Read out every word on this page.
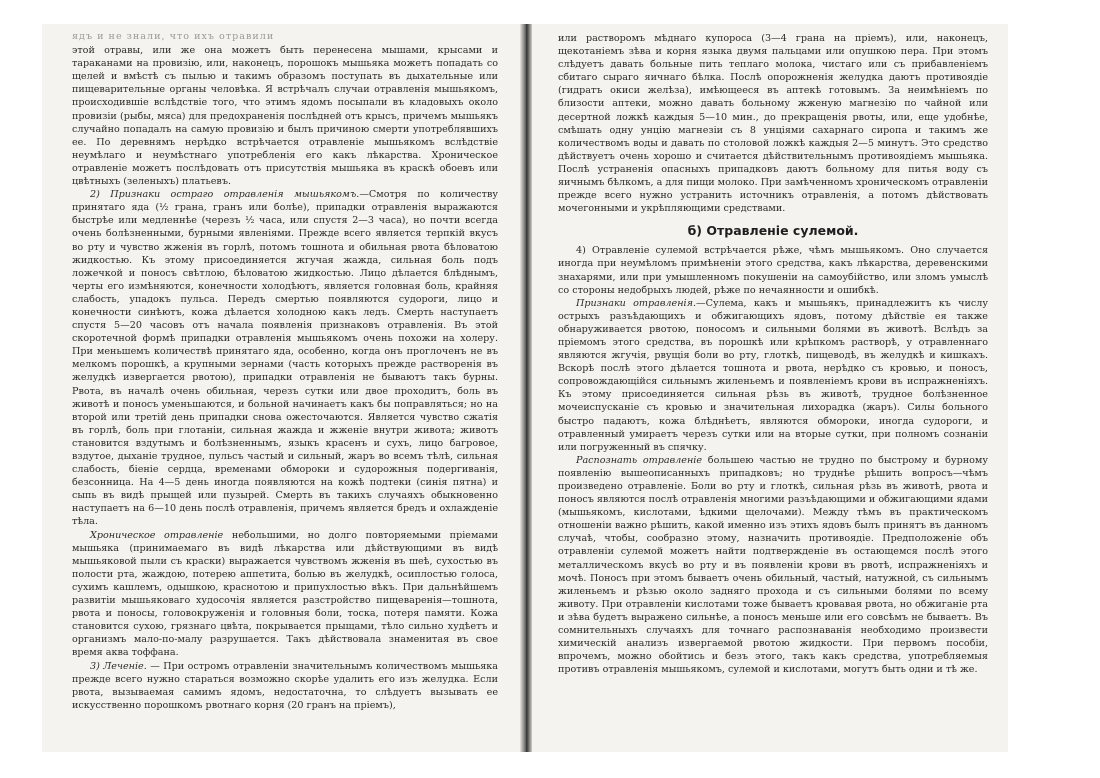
ядъ и не знали, что ихъ отравили

этой отравы, или же она можетъ быть перенесена мышами, крысами и тараканами на провизію, или, наконецъ, порошокъ мышьяка можетъ попадать со щелей и вмѣстѣ съ пылью и такимъ образомъ поступать въ дыхательные или пищеварительные органы человѣка. Я встрѣчалъ случаи отравленія мышьякомъ, происходившіе вслѣдствіе того, что этимъ ядомъ посыпали въ кладовыхъ около провизіи (рыбы, мяса) для предохраненія послѣдней отъ крысъ, причемъ мышьякъ случайно попадалъ на самую провизію и былъ причиною смерти употреблявшихъ ее. По деревнямъ нерѣдко встрѣчается отравленіе мышьякомъ вслѣдствіе неумѣлаго и неумѣстнаго употребленія его какъ лѣкарства. Хроническое отравленіе можетъ послѣдовать отъ присутствія мышьяка въ краскѣ обоевъ или цвѣтныхъ (зеленыхъ) платьевъ.

2) Признаки остраго отравленія мышьякомъ.—Смотря по количеству принятаго яда (½ грана, гранъ или болѣе), припадки отравленія выражаются быстрѣе или медленнѣе (черезъ ½ часа, или спустя 2—3 часа), но почти всегда очень болѣзненными, бурными явленіями. Прежде всего является терпкій вкусъ во рту и чувство жженія въ горлѣ, потомъ тошнота и обильная рвота бѣловатою жидкостью. Къ этому присоединяется жгучая жажда, сильная боль подъ ложечкой и поносъ свѣтлою, бѣловатою жидкостью. Лицо дѣлается блѣднымъ, черты его измѣняются, конечности холодѣютъ, является головная боль, крайняя слабость, упадокъ пульса. Передъ смертью появляются судороги, лицо и конечности синѣютъ, кожа дѣлается холодною какъ ледъ. Смерть наступаетъ спустя 5—20 часовъ отъ начала появленія признаковъ отравленія. Въ этой скоротечной формѣ припадки отравленія мышьякомъ очень похожи на холеру. При меньшемъ количествѣ принятаго яда, особенно, когда онъ проглоченъ не въ мелкомъ порошкѣ, а крупными зернами (часть которыхъ прежде растворенія въ желудкѣ извергается рвотою), припадки отравленія не бываютъ такъ бурны. Рвота, въ началѣ очень обильная, черезъ сутки или двое проходитъ, боль въ животѣ и поносъ уменьшаются, и больной начинаетъ какъ бы поправляться; но на второй или третій день припадки снова ожесточаются. Является чувство сжатія въ горлѣ, боль при глотаніи, сильная жажда и жженіе внутри живота; животъ становится вздутымъ и болѣзненнымъ, языкъ красенъ и сухъ, лицо багровое, вздутое, дыханіе трудное, пульсъ частый и сильный, жаръ во всемъ тѣлѣ, сильная слабость, біеніе сердца, временами обмороки и судорожныя подергиванія, безсонница. На 4—5 день иногда появляются на кожѣ подтеки (синія пятна) и сыпь въ видѣ прыщей или пузырей. Смерть въ такихъ случаяхъ обыкновенно наступаетъ на 6—10 день послѣ отравленія, причемъ является бредъ и охлажденіе тѣла.

Хроническое отравленіе небольшими, но долго повторяемыми пріемами мышьяка (принимаемаго въ видѣ лѣкарства или дѣйствующими въ видѣ мышьяковой пыли съ краски) выражается чувствомъ жженія въ шеѣ, сухостью въ полости рта, жаждою, потерею аппетита, болью въ желудкѣ, осиплостью голоса, сухимъ кашлемъ, одышкою, краснотою и припухлостью вѣкъ. При дальнѣйшемъ развитіи мышьяковаго худосочія является разстройство пищеваренія—тошнота, рвота и поносы, головокруженія и головныя боли, тоска, потеря памяти. Кожа становится сухою, грязнаго цвѣта, покрывается прыщами, тѣло сильно худѣетъ и организмъ мало-по-малу разрушается. Такъ дѣйствовала знаменитая въ свое время аква тоффана.

3) Леченіе. — При остромъ отравленіи значительнымъ количествомъ мышьяка прежде всего нужно стараться возможно скорѣе удалить его изъ желудка. Если рвота, вызываемая самимъ ядомъ, недостаточна, то слѣдуетъ вызывать ее искусственно порошкомъ рвотнаго корня (20 гранъ на пріемъ),

или растворомъ мѣднаго купороса (3—4 грана на пріемъ), или, наконецъ, щекотаніемъ зѣва и корня языка двумя пальцами или опушкою пера. При этомъ слѣдуетъ давать больные пить теплаго молока, чистаго или съ прибавленіемъ сбитаго сыраго яичнаго бѣлка. Послѣ опорожненія желудка даютъ противоядіе (гидратъ окиси желѣза), имѣющееся въ аптекѣ готовымъ. За неимѣніемъ по близости аптеки, можно давать больному жженую магнезію по чайной или десертной ложкѣ каждыя 5—10 мин., до прекращенія рвоты, или, еще удобнѣе, смѣшать одну унцію магнезіи съ 8 унціями сахарнаго сиропа и такимъ же количествомъ воды и давать по столовой ложкѣ каждыя 2—5 минутъ. Это средство дѣйствуетъ очень хорошо и считается дѣйствительнымъ противоядіемъ мышьяка. Послѣ устраненія опасныхъ припадковъ даютъ больному для питья воду съ яичнымъ бѣлкомъ, а для пищи молоко. При замѣченномъ хроническомъ отравленіи прежде всего нужно устранить источникъ отравленія, а потомъ дѣйствовать мочегонными и укрѣпляющими средствами.

б) Отравленіе сулемой.

4) Отравленіе сулемой встрѣчается рѣже, чѣмъ мышьякомъ. Оно случается иногда при неумѣломъ примѣненіи этого средства, какъ лѣкарства, деревенскими знахарями, или при умышленномъ покушеніи на самоубійство, или зломъ умыслѣ со стороны недобрыхъ людей, рѣже по нечаянности и ошибкѣ.

Признаки отравленія.—Сулема, какъ и мышьякъ, принадлежитъ къ числу острыхъ разъѣдающихъ и обжигающихъ ядовъ, потому дѣйствіе ея также обнаруживается рвотою, поносомъ и сильными болями въ животѣ. Вслѣдъ за пріемомъ этого средства, въ порошкѣ или крѣпкомъ растворѣ, у отравленнаго являются жгучія, рвущія боли во рту, глоткѣ, пищеводѣ, въ желудкѣ и кишкахъ. Вскорѣ послѣ этого дѣлается тошнота и рвота, нерѣдко съ кровью, и поносъ, сопровождающійся сильнымъ жиленьемъ и появленіемъ крови въ испражненіяхъ. Къ этому присоединяется сильная рѣзь въ животѣ, трудное болѣзненное мочеиспусканіе съ кровью и значительная лихорадка (жаръ). Силы больного быстро падаютъ, кожа блѣднѣетъ, являются обмороки, иногда судороги, и отравленный умираетъ черезъ сутки или на вторые сутки, при полномъ сознаніи или погруженный въ спячку.

Распознать отравленіе большею частью не трудно по быстрому и бурному появленію вышеописанныхъ припадковъ; но труднѣе рѣшить вопросъ—чѣмъ произведено отравленіе. Боли во рту и глоткѣ, сильная рѣзь въ животѣ, рвота и поносъ являются послѣ отравленія многими разъѣдающими и обжигающими ядами (мышьякомъ, кислотами, ѣдкими щелочами). Между тѣмъ въ практическомъ отношеніи важно рѣшить, какой именно изъ этихъ ядовъ былъ принятъ въ данномъ случаѣ, чтобы, сообразно этому, назначить противоядіе. Предположеніе объ отравленіи сулемой можетъ найти подтвержденіе въ остающемся послѣ этого металлическомъ вкусѣ во рту и въ появленіи крови въ рвотѣ, испражненіяхъ и мочѣ. Поносъ при этомъ бываетъ очень обильный, частый, натужной, съ сильнымъ жиленьемъ и рѣзью около задняго прохода и съ сильными болями по всему животу. При отравленіи кислотами тоже бываетъ кровавая рвота, но обжиганіе рта и зѣва будетъ выражено сильнѣе, а поносъ меньше или его совсѣмъ не бываетъ. Въ сомнительныхъ случаяхъ для точнаго распознаванія необходимо произвести химическій анализъ извергаемой рвотою жидкости. При первомъ пособіи, впрочемъ, можно обойтись и безъ этого, такъ какъ средства, употребляемыя противъ отравленія мышьякомъ, сулемой и кислотами, могутъ быть одни и тѣ же.
